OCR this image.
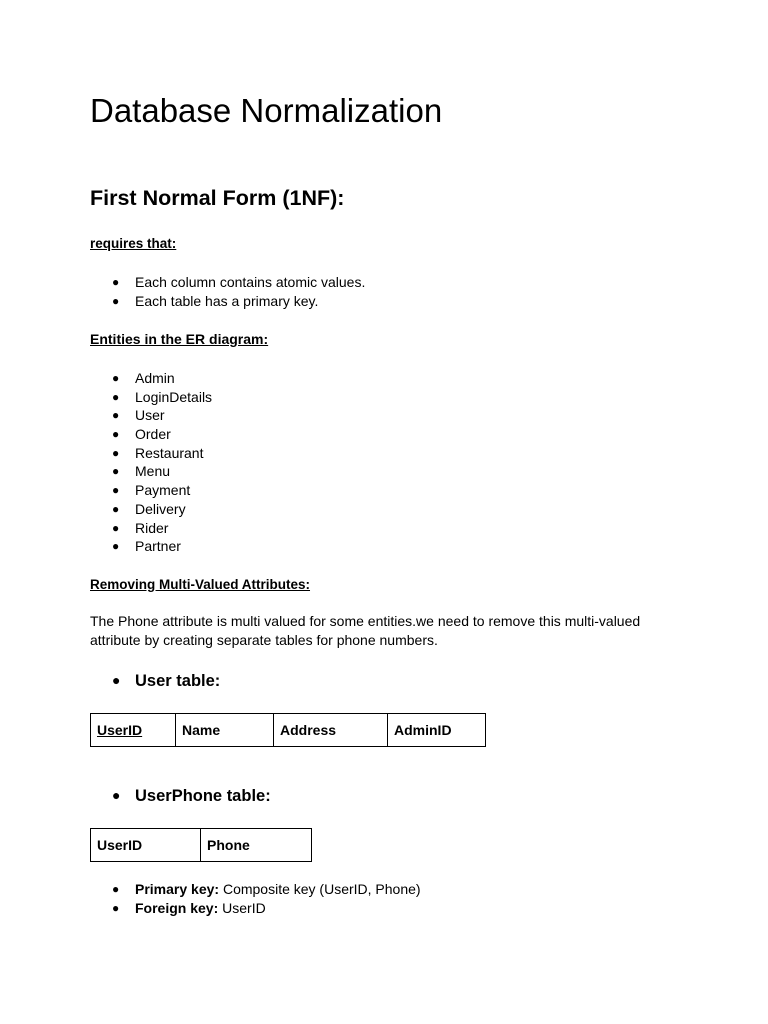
Database Normalization
First Normal Form (1NF):
requires that:
● Each column contains atomic values.
● Each table has a primary key.
Entities in the ER diagram:
● Admin
● LoginDetails
● User
● Order
● Restaurant
● Menu
● Payment
● Delivery
● Rider
● Partner
Removing Multi-Valued Attributes:
The Phone attribute is multi valued for some entities.we need to remove this multi-valued attribute by creating separate tables for phone numbers.
● User table:
UserID	Name	Address	AdminID
● UserPhone table:
UserID	Phone
● Primary key: Composite key (UserID, Phone)
● Foreign key: UserID
